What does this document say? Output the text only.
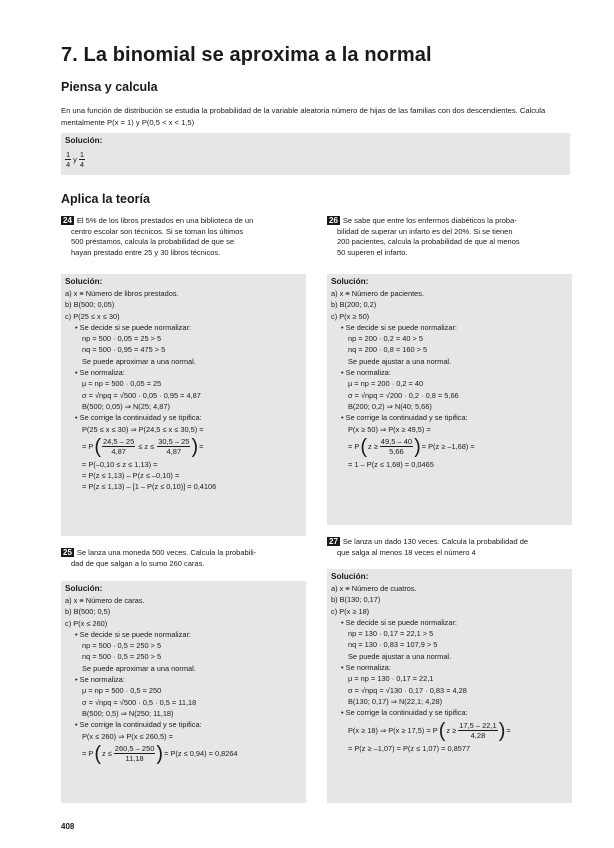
7. La binomial se aproxima a la normal
Piensa y calcula
En una función de distribución se estudia la probabilidad de la variable aleatoria número de hijas de las familias con dos descendientes. Calcula mentalmente P(x = 1) y P(0,5 < x < 1,5)
Solución:
$\frac{1}{4}$ y $\frac{1}{4}$
Aplica la teoría
24 El 5% de los libros prestados en una biblioteca de un
centro escolar son técnicos. Si se toman los últimos
500 préstamos, calcula la probabilidad de que se
hayan prestado entre 25 y 30 libros técnicos.
Solución:
a) x ≡ Número de libros prestados.
b) B(500; 0,05)
c) P(25 ≤ x ≤ 30)
• Se decide si se puede normalizar:
np = 500 · 0,05 = 25 > 5
nq = 500 · 0,95 = 475 > 5
Se puede aproximar a una normal.
• Se normaliza:
μ = np = 500 · 0,05 = 25
σ = √npq = √500 · 0,05 · 0,95 = 4,87
B(500; 0,05) ⇒ N(25; 4,87)
• Se corrige la continuidad y se tipifica:
P(25 ≤ x ≤ 30) ⇒ P(24,5 ≤ x ≤ 30,5) =
= P ( $\frac{24,5 - 25}{4,87} \le z \le \frac{30,5 - 25}{4,87}$ ) =
= P(–0,10 ≤ z ≤ 1,13) =
= P(z ≤ 1,13) – P(z ≤ –0,10) =
= P(z ≤ 1,13) – [1 – P(z ≤ 0,10)] = 0,4106
25 Se lanza una moneda 500 veces. Calcula la probabili-
dad de que salgan a lo sumo 260 caras.
Solución:
a) x ≡ Número de caras.
b) B(500; 0,5)
c) P(x ≤ 260)
• Se decide si se puede normalizar:
np = 500 · 0,5 = 250 > 5
nq = 500 · 0,5 = 250 > 5
Se puede aproximar a una normal.
• Se normaliza:
μ = np = 500 · 0,5 = 250
σ = √npq = √500 · 0,5 · 0,5 = 11,18
B(500; 0,5) ⇒ N(250; 11,18)
• Se corrige la continuidad y se tipifica:
P(x ≤ 260) ⇒ P(x ≤ 260,5) =
= P ( $z \le \frac{260,5 - 250}{11,18}$ ) = P(z ≤ 0,94) = 0,8264
26 Se sabe que entre los enfermos diabéticos la proba-
bilidad de superar un infarto es del 20%. Si se tienen
200 pacientes, calcula la probabilidad de que al menos
50 superen el infarto.
Solución:
a) x ≡ Número de pacientes.
b) B(200; 0,2)
c) P(x ≥ 50)
• Se decide si se puede normalizar:
np = 200 · 0,2 = 40 > 5
nq = 200 · 0,8 = 160 > 5
Se puede ajustar a una normal.
• Se normaliza:
μ = np = 200 · 0,2 = 40
σ = √npq = √200 · 0,2 · 0,8 = 5,66
B(200; 0,2) ⇒ N(40; 5,66)
• Se corrige la continuidad y se tipifica:
P(x ≥ 50) ⇒ P(x ≥ 49,5) =
= P ( $z \ge \frac{49,5 - 40}{5,66}$ ) = P(z ≥ –1,68) =
= 1 – P(z ≤ 1,68) = 0,0465
27 Se lanza un dado 130 veces. Calcula la probabilidad de
que salga al menos 18 veces el número 4
Solución:
a) x ≡ Número de cuatros.
b) B(130; 0,17)
c) P(x ≥ 18)
• Se decide si se puede normalizar:
np = 130 · 0,17 = 22,1 > 5
nq = 130 · 0,83 = 107,9 > 5
Se puede ajustar a una normal.
• Se normaliza:
μ = np = 130 · 0,17 = 22,1
σ = √npq = √130 · 0,17 · 0,83 = 4,28
B(130; 0,17) ⇒ N(22,1; 4,28)
• Se corrige la continuidad y se tipifica:
P(x ≥ 18) ⇒ P(x ≥ 17,5) = P ( $z \ge \frac{17,5 - 22,1}{4,28}$ ) =
= P(z ≥ –1,07) = P(z ≤ 1,07) = 0,8577
408
